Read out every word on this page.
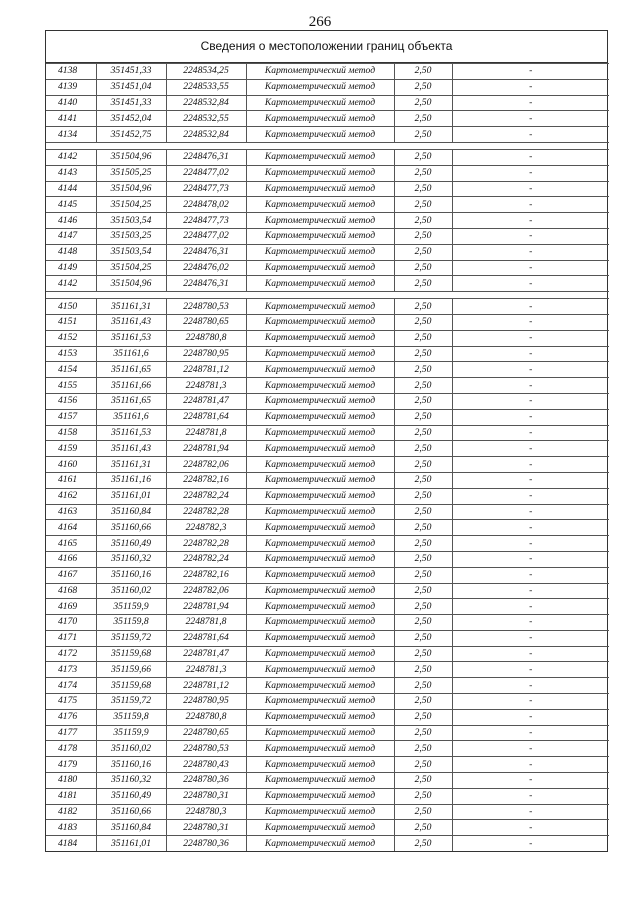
266
Сведения о местоположении границ объекта
4138	351451,33	2248534,25	Картометрический метод	2,50	-
4139	351451,04	2248533,55	Картометрический метод	2,50	-
4140	351451,33	2248532,84	Картометрический метод	2,50	-
4141	351452,04	2248532,55	Картометрический метод	2,50	-
4134	351452,75	2248532,84	Картометрический метод	2,50	-

4142	351504,96	2248476,31	Картометрический метод	2,50	-
4143	351505,25	2248477,02	Картометрический метод	2,50	-
4144	351504,96	2248477,73	Картометрический метод	2,50	-
4145	351504,25	2248478,02	Картометрический метод	2,50	-
4146	351503,54	2248477,73	Картометрический метод	2,50	-
4147	351503,25	2248477,02	Картометрический метод	2,50	-
4148	351503,54	2248476,31	Картометрический метод	2,50	-
4149	351504,25	2248476,02	Картометрический метод	2,50	-
4142	351504,96	2248476,31	Картометрический метод	2,50	-

4150	351161,31	2248780,53	Картометрический метод	2,50	-
4151	351161,43	2248780,65	Картометрический метод	2,50	-
4152	351161,53	2248780,8	Картометрический метод	2,50	-
4153	351161,6	2248780,95	Картометрический метод	2,50	-
4154	351161,65	2248781,12	Картометрический метод	2,50	-
4155	351161,66	2248781,3	Картометрический метод	2,50	-
4156	351161,65	2248781,47	Картометрический метод	2,50	-
4157	351161,6	2248781,64	Картометрический метод	2,50	-
4158	351161,53	2248781,8	Картометрический метод	2,50	-
4159	351161,43	2248781,94	Картометрический метод	2,50	-
4160	351161,31	2248782,06	Картометрический метод	2,50	-
4161	351161,16	2248782,16	Картометрический метод	2,50	-
4162	351161,01	2248782,24	Картометрический метод	2,50	-
4163	351160,84	2248782,28	Картометрический метод	2,50	-
4164	351160,66	2248782,3	Картометрический метод	2,50	-
4165	351160,49	2248782,28	Картометрический метод	2,50	-
4166	351160,32	2248782,24	Картометрический метод	2,50	-
4167	351160,16	2248782,16	Картометрический метод	2,50	-
4168	351160,02	2248782,06	Картометрический метод	2,50	-
4169	351159,9	2248781,94	Картометрический метод	2,50	-
4170	351159,8	2248781,8	Картометрический метод	2,50	-
4171	351159,72	2248781,64	Картометрический метод	2,50	-
4172	351159,68	2248781,47	Картометрический метод	2,50	-
4173	351159,66	2248781,3	Картометрический метод	2,50	-
4174	351159,68	2248781,12	Картометрический метод	2,50	-
4175	351159,72	2248780,95	Картометрический метод	2,50	-
4176	351159,8	2248780,8	Картометрический метод	2,50	-
4177	351159,9	2248780,65	Картометрический метод	2,50	-
4178	351160,02	2248780,53	Картометрический метод	2,50	-
4179	351160,16	2248780,43	Картометрический метод	2,50	-
4180	351160,32	2248780,36	Картометрический метод	2,50	-
4181	351160,49	2248780,31	Картометрический метод	2,50	-
4182	351160,66	2248780,3	Картометрический метод	2,50	-
4183	351160,84	2248780,31	Картометрический метод	2,50	-
4184	351161,01	2248780,36	Картометрический метод	2,50	-
